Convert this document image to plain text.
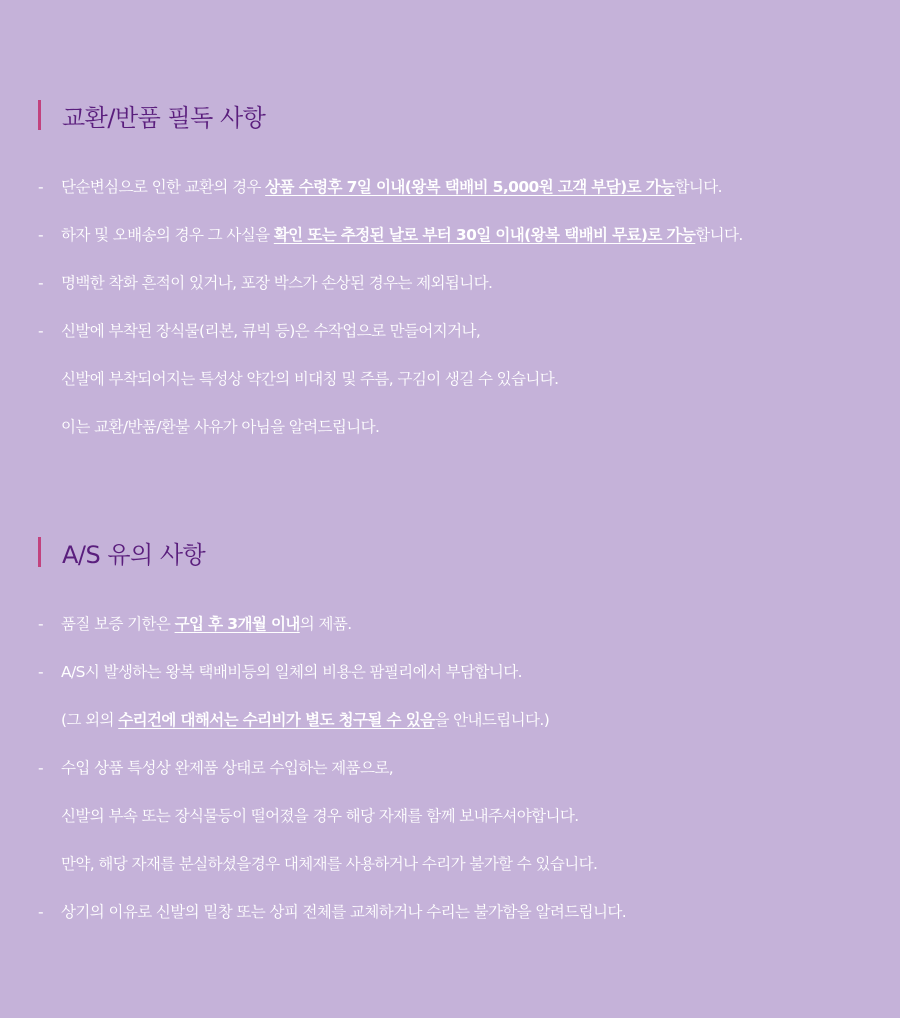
교환/반품 필독 사항
-	단순변심으로 인한 교환의 경우 상품 수령후 7일 이내(왕복 택배비 5,000원 고객 부담)로 가능합니다.
-	하자 및 오배송의 경우 그 사실을 확인 또는 추정된 날로 부터 30일 이내(왕복 택배비 무료)로 가능합니다.
-	명백한 착화 흔적이 있거나, 포장 박스가 손상된 경우는 제외됩니다.
-	신발에 부착된 장식물(리본, 큐빅 등)은 수작업으로 만들어지거나,
신발에 부착되어지는 특성상 약간의 비대칭 및 주름, 구김이 생길 수 있습니다.
이는 교환/반품/환불 사유가 아님을 알려드립니다.
A/S 유의 사항
-	품질 보증 기한은 구입 후 3개월 이내의 제품.
-	A/S시 발생하는 왕복 택배비등의 일체의 비용은 팜필리에서 부담합니다.
(그 외의 수리건에 대해서는 수리비가 별도 청구될 수 있음을 안내드립니다.)
-	수입 상품 특성상 완제품 상태로 수입하는 제품으로,
신발의 부속 또는 장식물등이 떨어졌을 경우 해당 자재를 함께 보내주셔야합니다.
만약, 해당 자재를 분실하셨을경우 대체재를 사용하거나 수리가 불가할 수 있습니다.
-	상기의 이유로 신발의 밑창 또는 상피 전체를 교체하거나 수리는 불가함을 알려드립니다.
